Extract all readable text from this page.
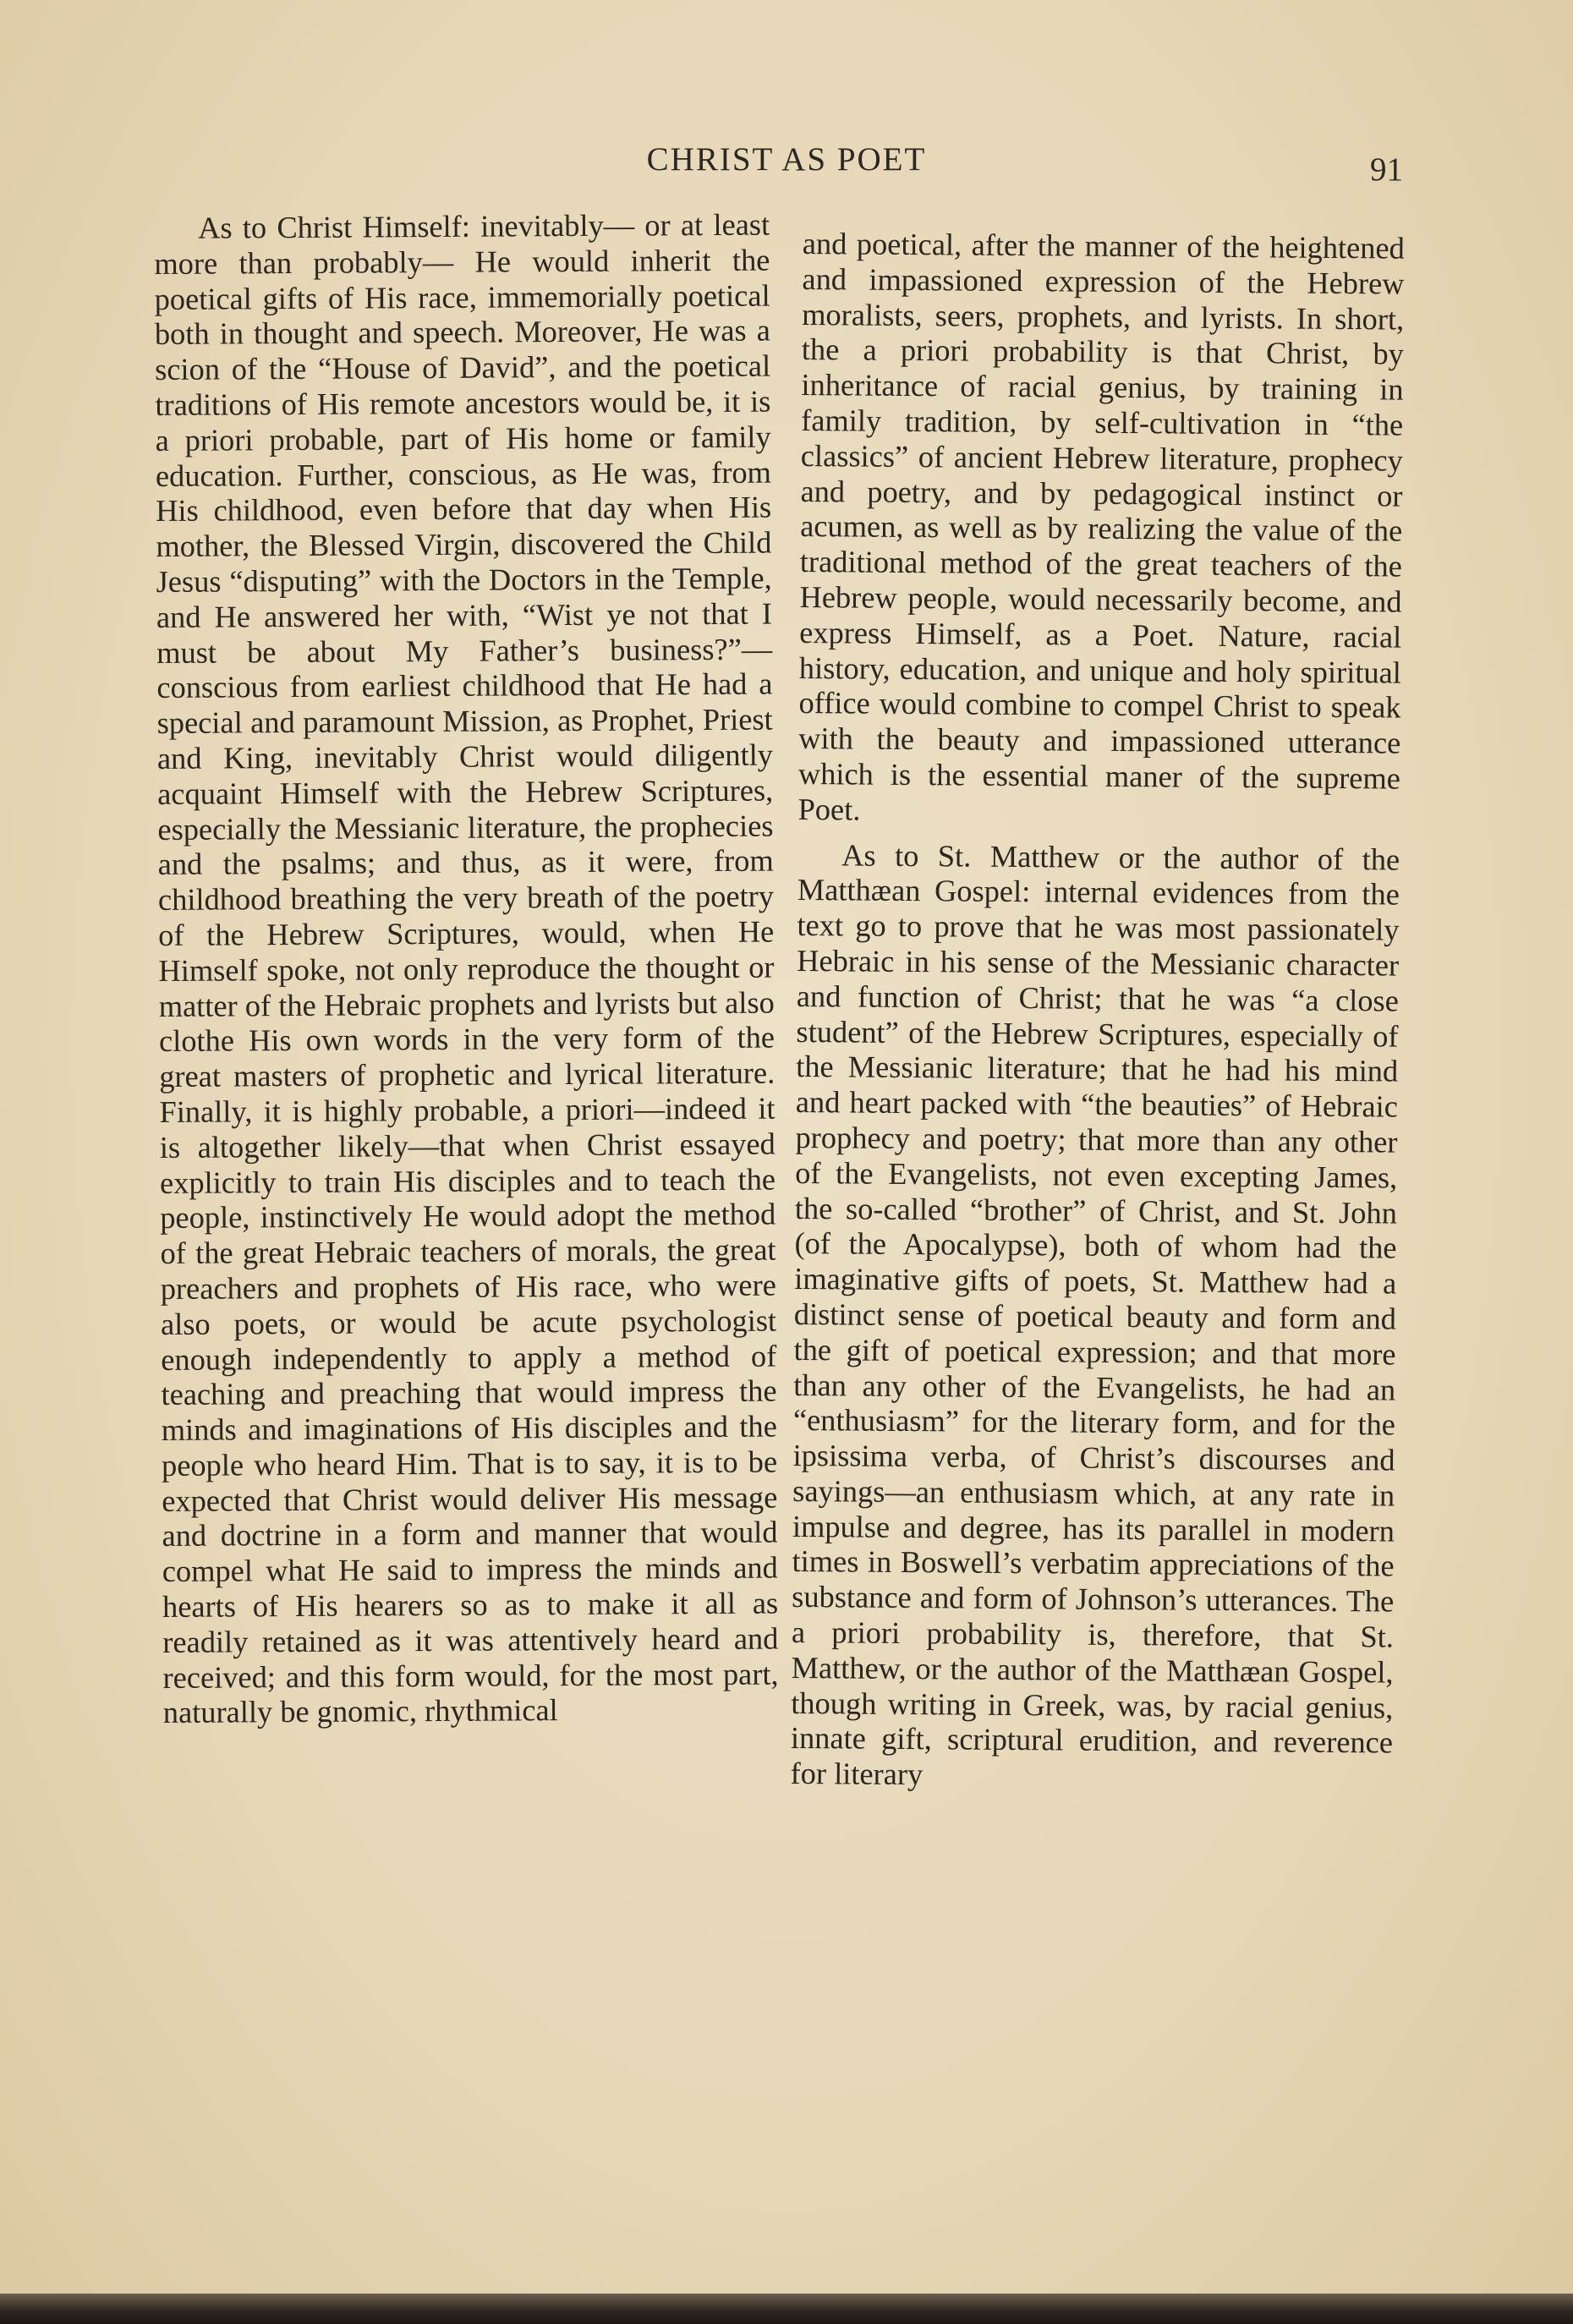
CHRIST AS POET	91

As to Christ Himself: inevitably— or at least more than probably— He would inherit the poetical gifts of His race, immemorially poetical both in thought and speech. Moreover, He was a scion of the “House of David”, and the poetical traditions of His remote ancestors would be, it is a priori probable, part of His home or family education. Further, conscious, as He was, from His childhood, even before that day when His mother, the Blessed Virgin, discovered the Child Jesus “disputing” with the Doctors in the Temple, and He answered her with, “Wist ye not that I must be about My Father’s business?”—conscious from earliest childhood that He had a special and paramount Mission, as Prophet, Priest and King, inevitably Christ would diligently acquaint Himself with the Hebrew Scriptures, especially the Messianic literature, the prophecies and the psalms; and thus, as it were, from childhood breathing the very breath of the poetry of the Hebrew Scriptures, would, when He Himself spoke, not only reproduce the thought or matter of the Hebraic prophets and lyrists but also clothe His own words in the very form of the great masters of prophetic and lyrical literature. Finally, it is highly probable, a priori—indeed it is altogether likely—that when Christ essayed explicitly to train His disciples and to teach the people, instinctively He would adopt the method of the great Hebraic teachers of morals, the great preachers and prophets of His race, who were also poets, or would be acute psychologist enough independently to apply a method of teaching and preaching that would impress the minds and imaginations of His disciples and the people who heard Him. That is to say, it is to be expected that Christ would deliver His message and doctrine in a form and manner that would compel what He said to impress the minds and hearts of His hearers so as to make it all as readily retained as it was attentively heard and received; and this form would, for the most part, naturally be gnomic, rhythmical

and poetical, after the manner of the heightened and impassioned expression of the Hebrew moralists, seers, prophets, and lyrists. In short, the a priori probability is that Christ, by inheritance of racial genius, by training in family tradition, by self-cultivation in “the classics” of ancient Hebrew literature, prophecy and poetry, and by pedagogical instinct or acumen, as well as by realizing the value of the traditional method of the great teachers of the Hebrew people, would necessarily become, and express Himself, as a Poet. Nature, racial history, education, and unique and holy spiritual office would combine to compel Christ to speak with the beauty and impassioned utterance which is the essential maner of the supreme Poet.

As to St. Matthew or the author of the Matthæan Gospel: internal evidences from the text go to prove that he was most passionately Hebraic in his sense of the Messianic character and function of Christ; that he was “a close student” of the Hebrew Scriptures, especially of the Messianic literature; that he had his mind and heart packed with “the beauties” of Hebraic prophecy and poetry; that more than any other of the Evangelists, not even excepting James, the so-called “brother” of Christ, and St. John (of the Apocalypse), both of whom had the imaginative gifts of poets, St. Matthew had a distinct sense of poetical beauty and form and the gift of poetical expression; and that more than any other of the Evangelists, he had an “enthusiasm” for the literary form, and for the ipsissima verba, of Christ’s discourses and sayings—an enthusiasm which, at any rate in impulse and degree, has its parallel in modern times in Boswell’s verbatim appreciations of the substance and form of Johnson’s utterances. The a priori probability is, therefore, that St. Matthew, or the author of the Matthæan Gospel, though writing in Greek, was, by racial genius, innate gift, scriptural erudition, and reverence for literary
